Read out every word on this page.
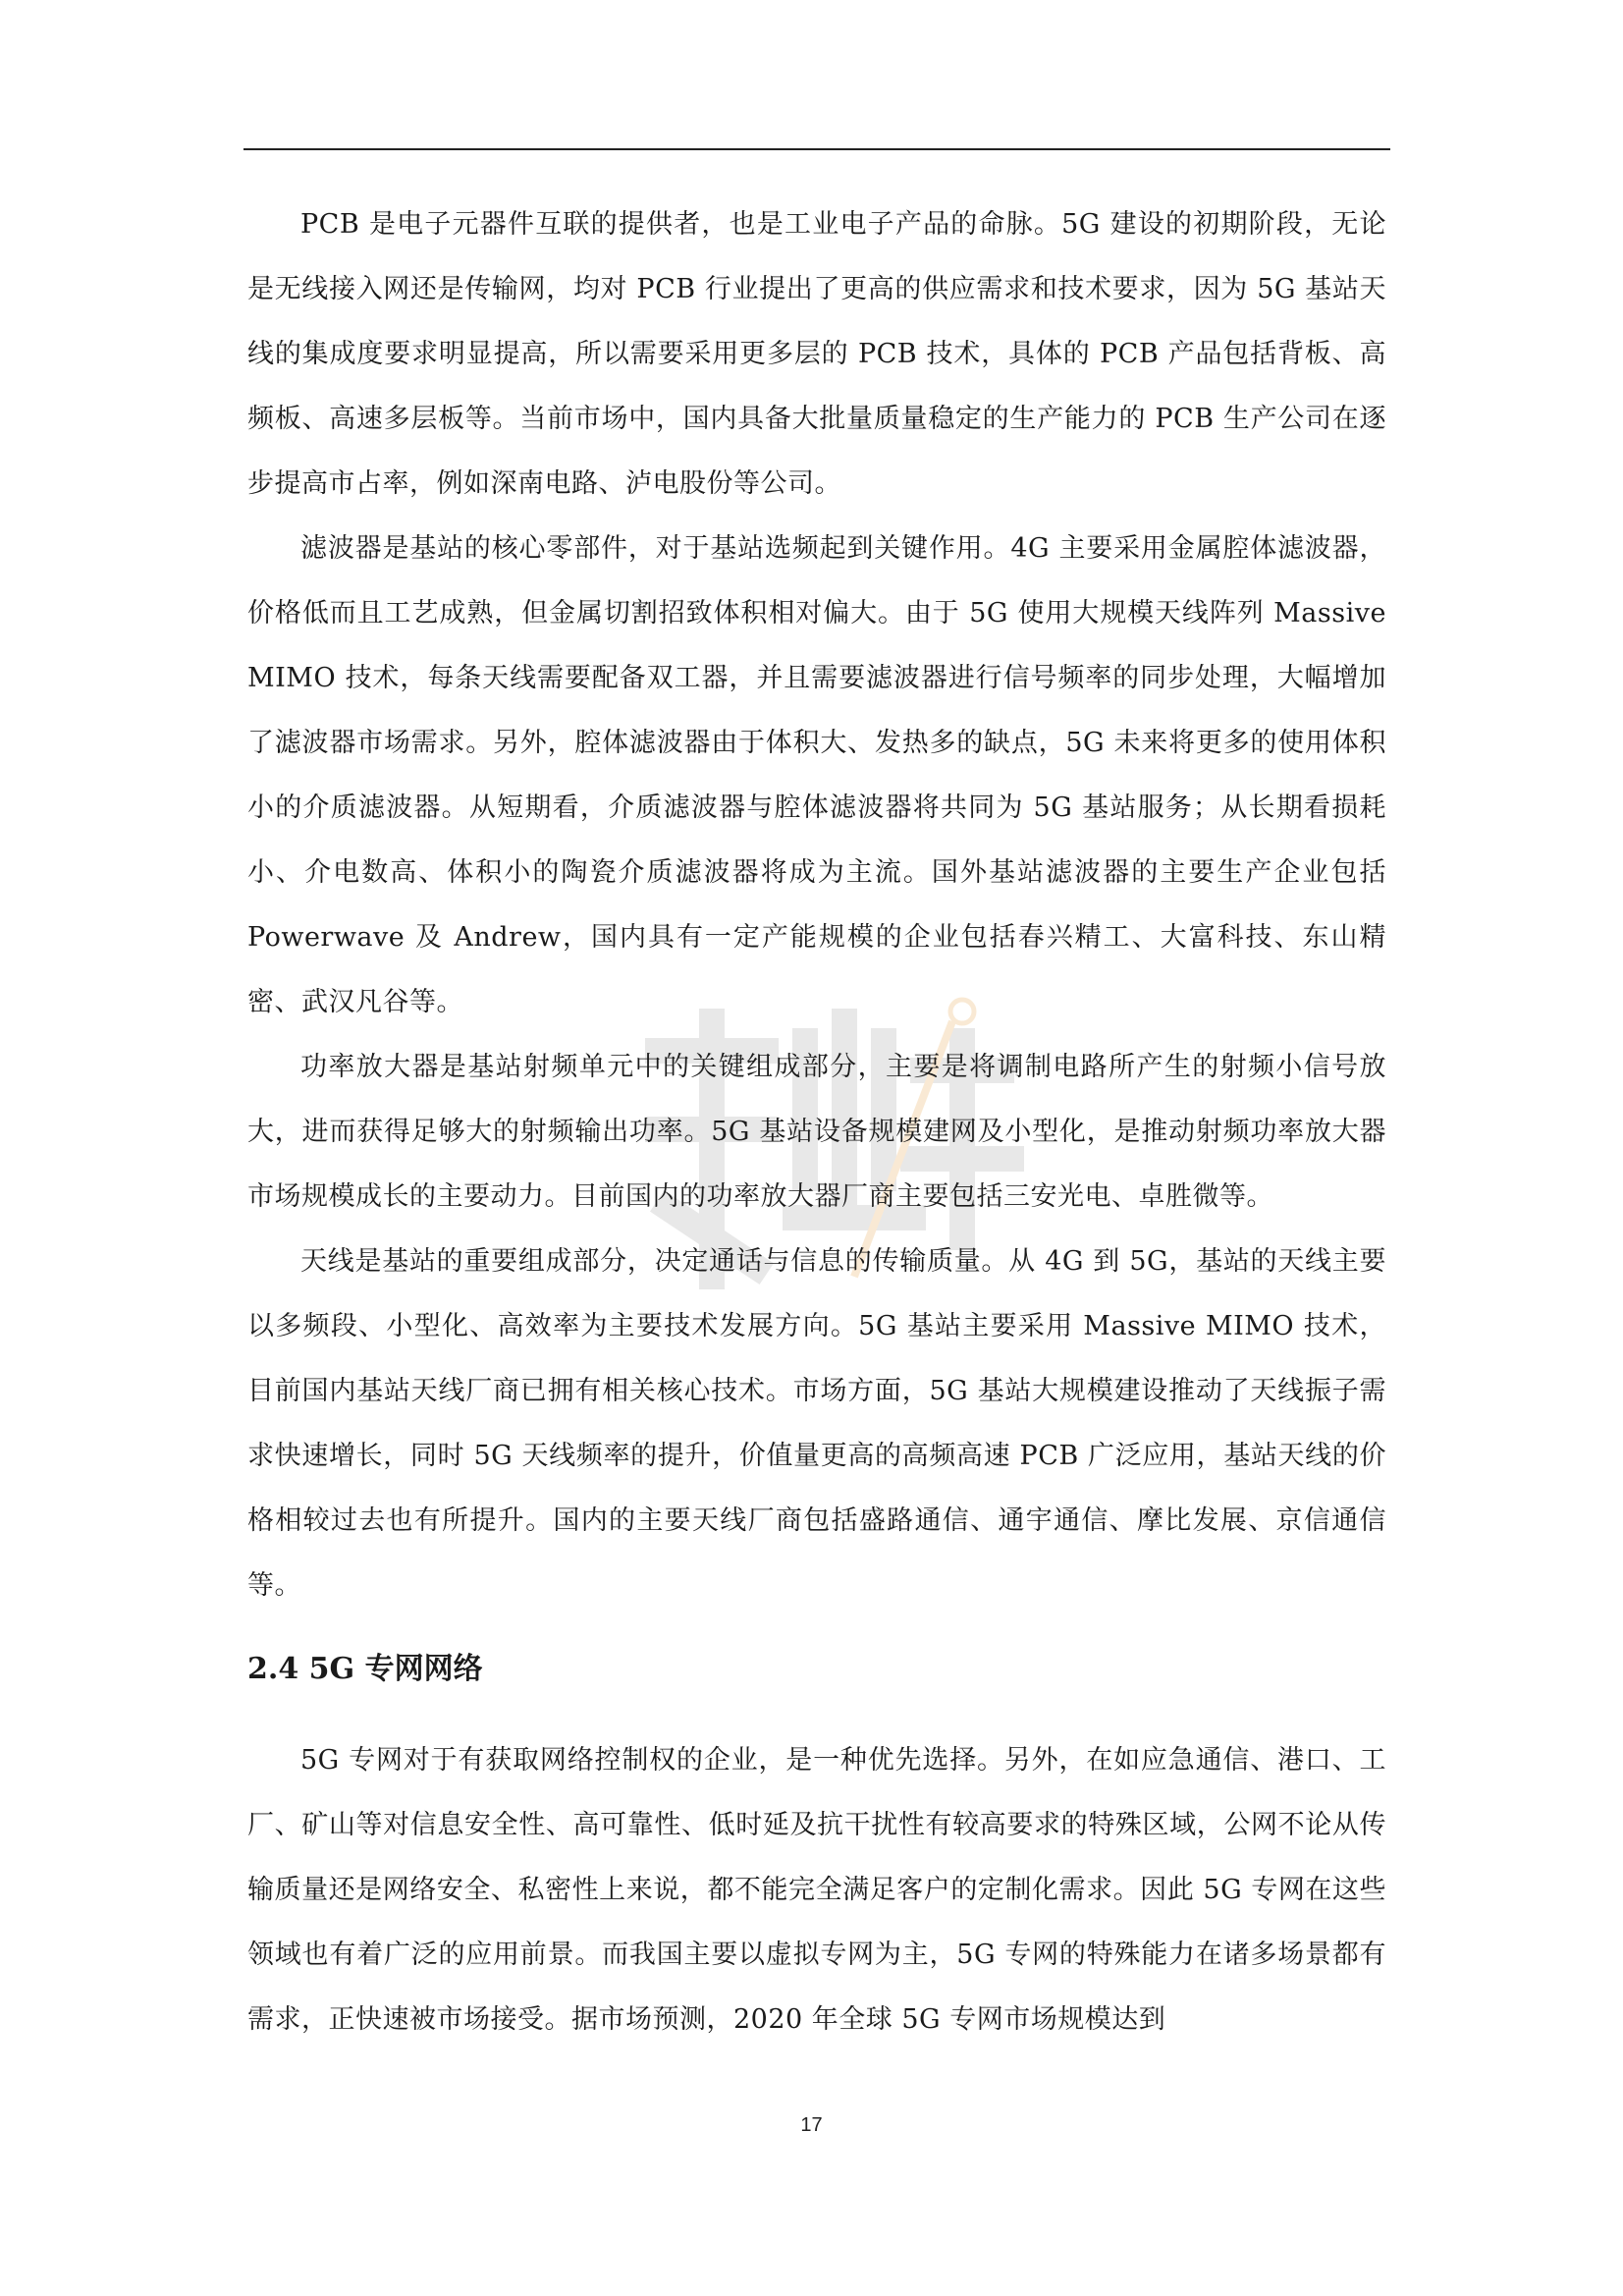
PCB 是电子元器件互联的提供者，也是工业电子产品的命脉。5G 建设的初期阶段，无论是无线接入网还是传输网，均对 PCB 行业提出了更高的供应需求和技术要求，因为 5G 基站天线的集成度要求明显提高，所以需要采用更多层的 PCB 技术，具体的 PCB 产品包括背板、高频板、高速多层板等。当前市场中，国内具备大批量质量稳定的生产能力的 PCB 生产公司在逐步提高市占率，例如深南电路、泸电股份等公司。

滤波器是基站的核心零部件，对于基站选频起到关键作用。4G 主要采用金属腔体滤波器，价格低而且工艺成熟，但金属切割招致体积相对偏大。由于 5G 使用大规模天线阵列 Massive MIMO 技术，每条天线需要配备双工器，并且需要滤波器进行信号频率的同步处理，大幅增加了滤波器市场需求。另外，腔体滤波器由于体积大、发热多的缺点，5G 未来将更多的使用体积小的介质滤波器。从短期看，介质滤波器与腔体滤波器将共同为 5G 基站服务；从长期看损耗小、介电数高、体积小的陶瓷介质滤波器将成为主流。国外基站滤波器的主要生产企业包括 Powerwave 及 Andrew，国内具有一定产能规模的企业包括春兴精工、大富科技、东山精密、武汉凡谷等。

功率放大器是基站射频单元中的关键组成部分，主要是将调制电路所产生的射频小信号放大，进而获得足够大的射频输出功率。5G 基站设备规模建网及小型化，是推动射频功率放大器市场规模成长的主要动力。目前国内的功率放大器厂商主要包括三安光电、卓胜微等。

天线是基站的重要组成部分，决定通话与信息的传输质量。从 4G 到 5G，基站的天线主要以多频段、小型化、高效率为主要技术发展方向。5G 基站主要采用 Massive MIMO 技术，目前国内基站天线厂商已拥有相关核心技术。市场方面，5G 基站大规模建设推动了天线振子需求快速增长，同时 5G 天线频率的提升，价值量更高的高频高速 PCB 广泛应用，基站天线的价格相较过去也有所提升。国内的主要天线厂商包括盛路通信、通宇通信、摩比发展、京信通信等。

2.4 5G 专网网络

5G 专网对于有获取网络控制权的企业，是一种优先选择。另外，在如应急通信、港口、工厂、矿山等对信息安全性、高可靠性、低时延及抗干扰性有较高要求的特殊区域，公网不论从传输质量还是网络安全、私密性上来说，都不能完全满足客户的定制化需求。因此 5G 专网在这些领域也有着广泛的应用前景。而我国主要以虚拟专网为主，5G 专网的特殊能力在诸多场景都有需求，正快速被市场接受。据市场预测，2020 年全球 5G 专网市场规模达到

17
